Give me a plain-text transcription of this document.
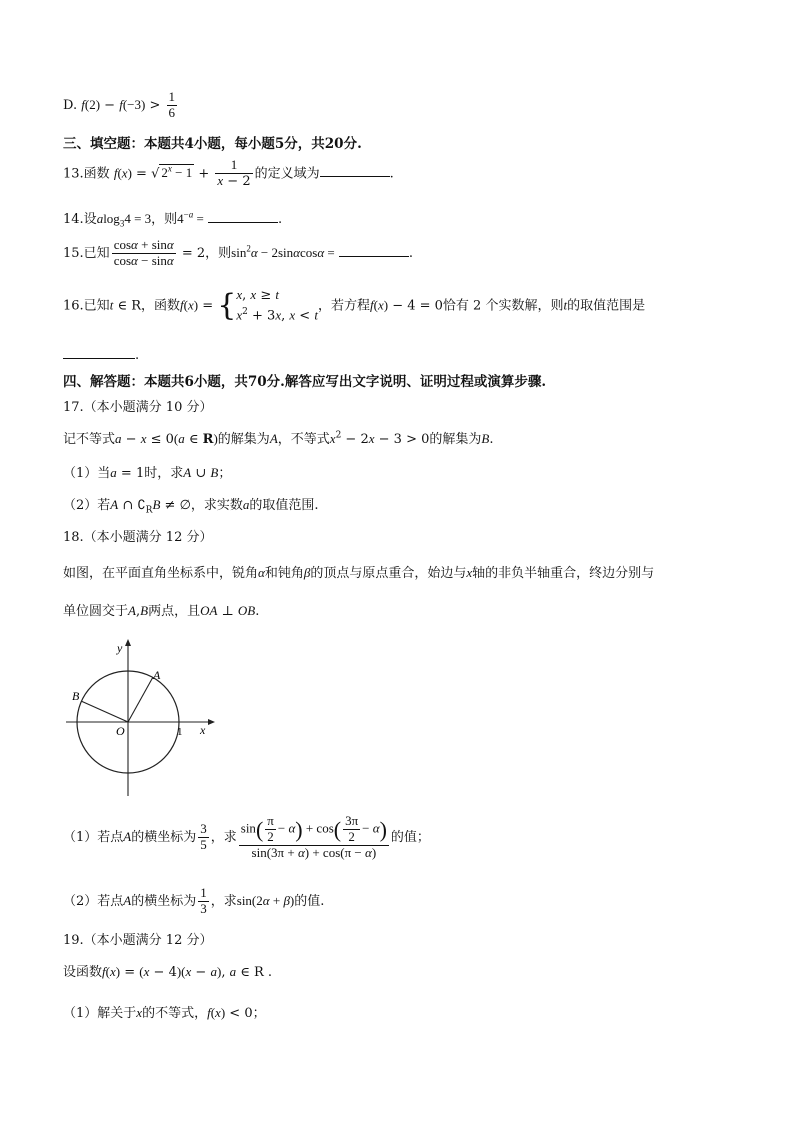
D. $f(2) - f(-3) > \frac{1}{6}$
三、填空题：本题共4小题，每小题5分，共20分.
13.函数 f(x) = √ $2^x - 1 + \frac{1}{x - 2}$ 的定义域为	.
14.设alog$_3$4 = 3，则$4^{-a}$ =	.
15.已知 $\frac{\cos\alpha + \sin\alpha}{\cos\alpha - \sin\alpha} = 2$，则$\sin^2\alpha - 2\sin\alpha\cos\alpha$ =	.
16.已知t ∈ R，函数f(x) = { x, x ≥ t
$x^2 + 3x$, x < t
，若方程f(x) − 4 = 0恰有 2 个实数解，则t的取值范围是
.
四、解答题：本题共6小题，共70分.解答应写出文字说明、证明过程或演算步骤.
17.（本小题满分 10 分）
记不等式a − x ≤ 0(a ∈ R)的解集为A，不等式$x^2 - 2x - 3 > 0$的解集为B.
（1）当a = 1时，求A ∪ B；
（2）若A ∩ $∁_RB$ ≠ ∅，求实数a的取值范围.
18.（本小题满分 12 分）
如图，在平面直角坐标系中，锐角α和钝角β的顶点与原点重合，始边与x轴的非负半轴重合，终边分别与
单位圆交于A,B两点，且OA ⊥ OB.
y
x
O	1
A
B
（1）若点A的横坐标为 $\frac{3}{5}$ ，求 $\frac{\sin( \frac{\pi}{2} - \alpha) + \cos( \frac{3\pi}{2} - \alpha)}{\sin(3\pi + \alpha) + \cos(\pi - \alpha)}$ 的值；
（2）若点A的横坐标为 $\frac{1}{3}$ ，求sin(2α + β)的值.
19.（本小题满分 12 分）
设函数f(x) = (x − 4)(x − a), a ∈ R .
（1）解关于x的不等式，f(x) < 0；
